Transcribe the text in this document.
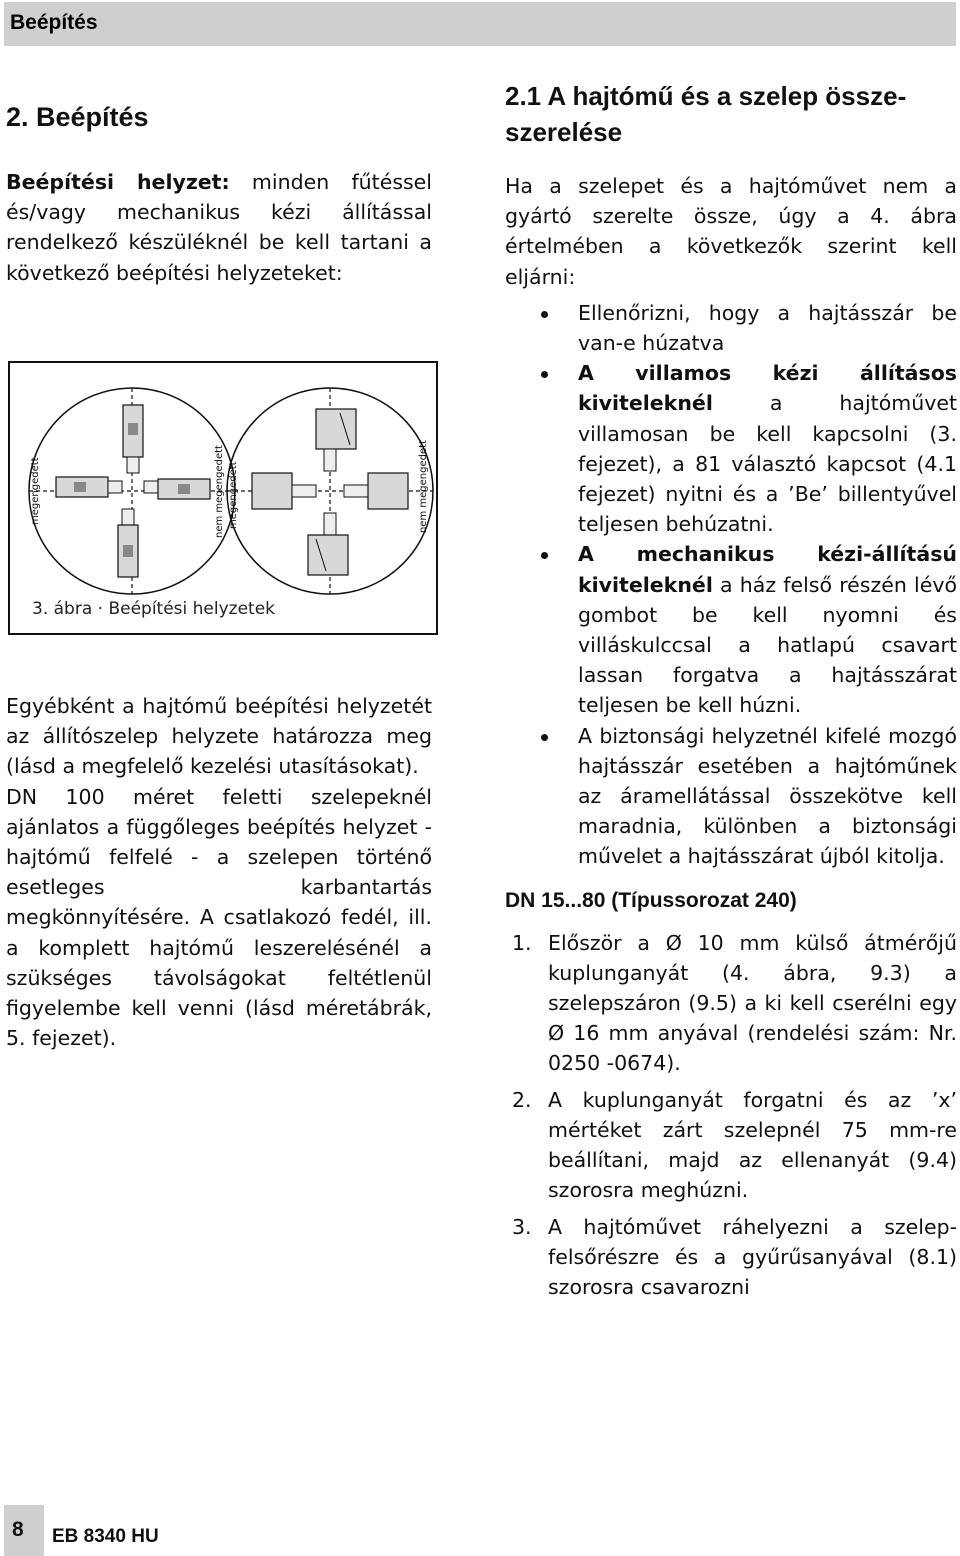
Beépítés
2. Beépítés

Beépítési helyzet: minden fűtéssel és/vagy mechanikus kézi állítással rendelkező készüléknél be kell tartani a következő beépítési helyzeteket:

megengedett	nem megengedett megengedett	nem megengedett
3. ábra · Beépítési helyzetek

Egyébként a hajtómű beépítési helyzetét az állítószelep helyzete határozza meg (lásd a megfelelő kezelési utasításokat).

DN 100 méret feletti szelepeknél ajánlatos a függőleges beépítés helyzet - hajtómű felfelé - a szelepen történő esetleges karbantartás megkönnyítésére. A csatlakozó fedél, ill. a komplett hajtómű leszerelésénél a szükséges távolságokat feltétlenül figyelembe kell venni (lásd méretábrák, 5. fejezet).

2.1 A hajtómű és a szelep össze-szerelése

Ha a szelepet és a hajtóművet nem a gyártó szerelte össze, úgy a 4. ábra értelmében a következők szerint kell eljárni:

Ellenőrizni, hogy a hajtásszár be van-e húzatva
A villamos kézi állításos kiviteleknél a hajtóművet villamosan be kell kapcsolni (3. fejezet), a 81 választó kapcsot (4.1 fejezet) nyitni és a ’Be’ billentyűvel teljesen behúzatni.
A mechanikus kézi-állítású kiviteleknél a ház felső részén lévő gombot be kell nyomni és villáskulccsal a hatlapú csavart lassan forgatva a hajtásszárat teljesen be kell húzni.
A biztonsági helyzetnél kifelé mozgó hajtásszár esetében a hajtóműnek az áramellátással összekötve kell maradnia, különben a biztonsági művelet a hajtásszárat újból kitolja.
DN 15...80 (Típussorozat 240)
1. Először a Ø 10 mm külső átmérőjű kuplunganyát (4. ábra, 9.3) a szelepszáron (9.5) a ki kell cserélni egy Ø 16 mm anyával (rendelési szám: Nr. 0250 -0674).
2. A kuplunganyát forgatni és az ’x’ mértéket zárt szelepnél 75 mm-re beállítani, majd az ellenanyát (9.4) szorosra meghúzni.
3. A hajtóművet ráhelyezni a szelep-felsőrészre és a gyűrűsanyával (8.1) szorosra csavarozni
8 EB 8340 HU
